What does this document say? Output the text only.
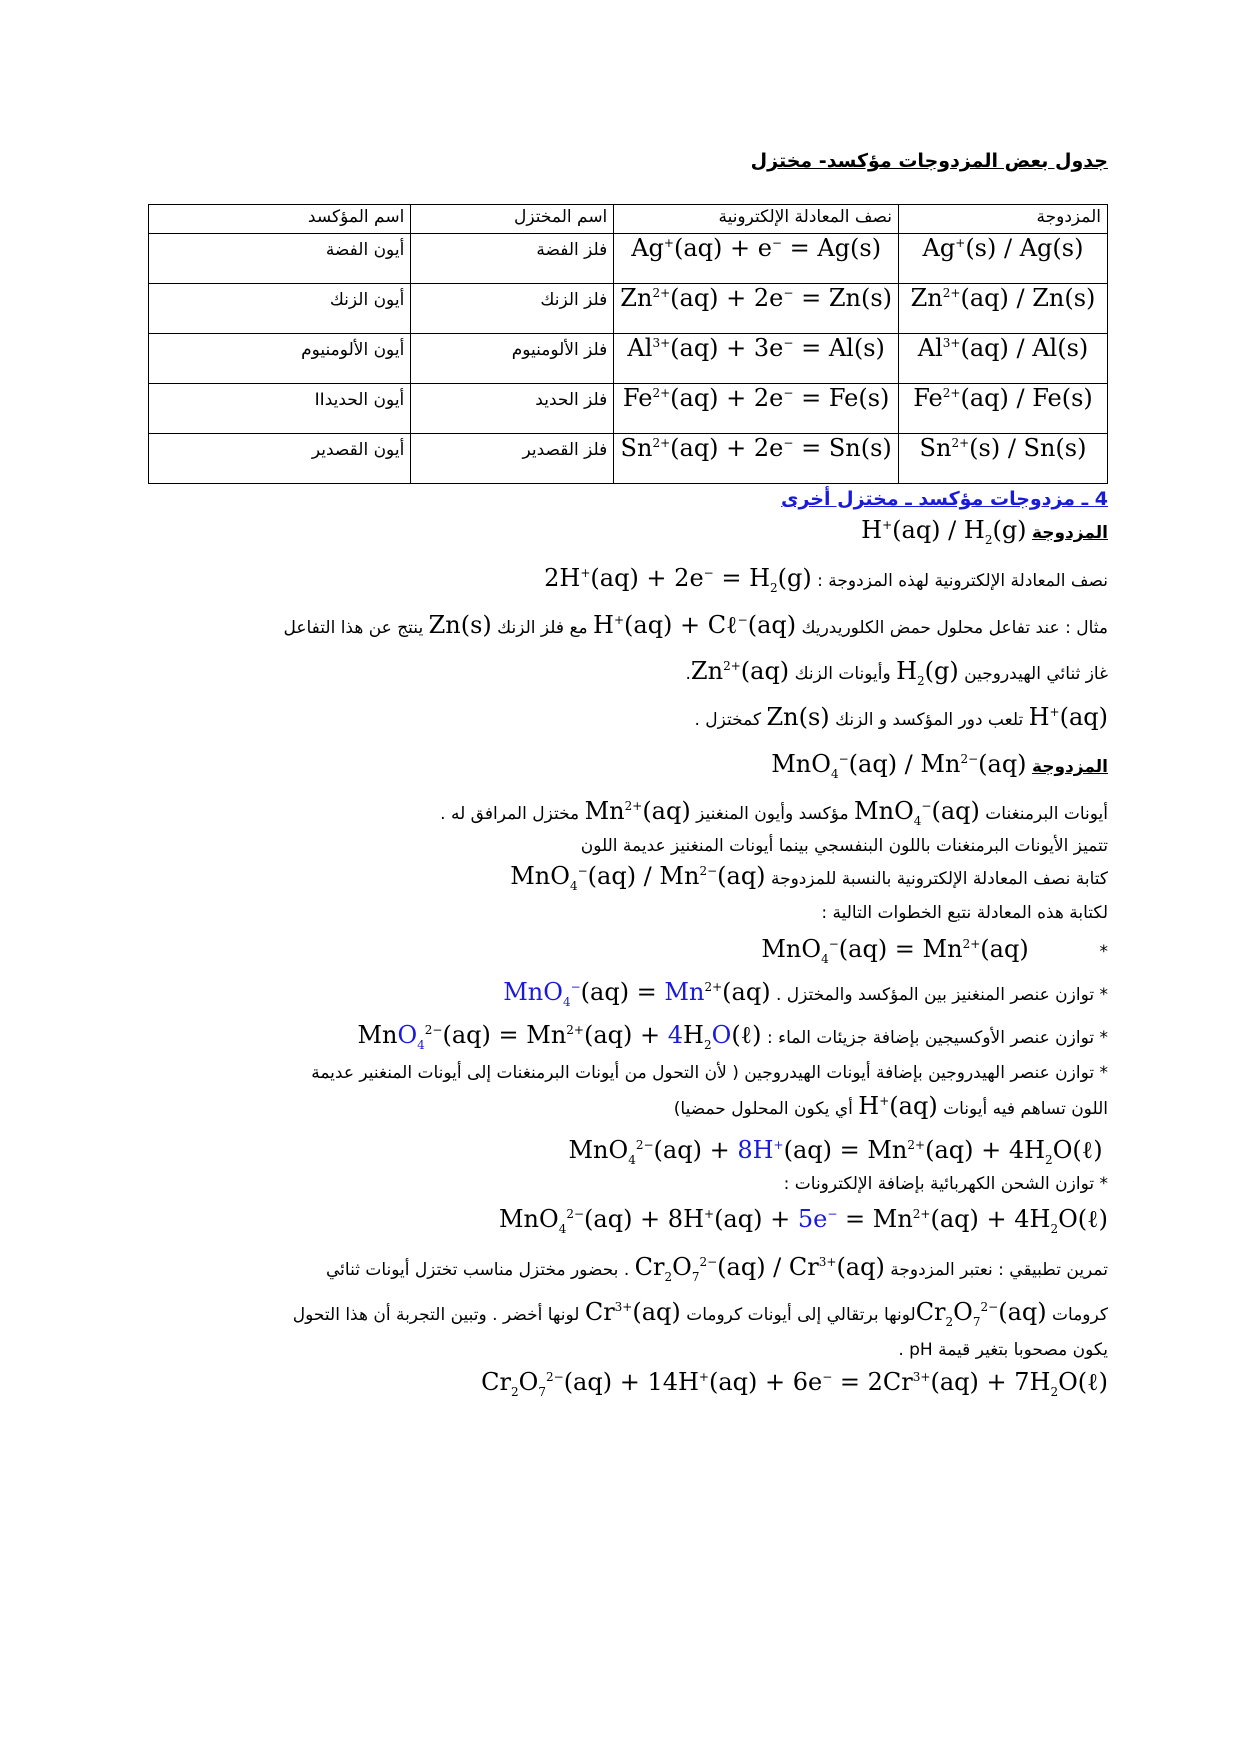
جدول بعض المزدوجات مؤكسد- مختزل
المزدوجة	نصف المعادلة الإلكترونية	اسم المختزل	اسم المؤكسد
Ag+(s) ∕ Ag(s)	Ag+(aq) + e− = Ag(s)	فلز الفضة	أيون الفضة
$Zn^{2+}(aq)$ ∕ Zn(s)	$Zn^{2+}(aq) + 2e^- = Zn(s)$	فلز الزنك	أيون الزنك
$Al^{3+}(aq)$ ∕ Al(s)	$Al^{3+}(aq) + 3e^- = Al(s)$	فلز الألومنيوم	أيون الألومنيوم
$Fe^{2+}(aq)$ ∕ Fe(s)	$Fe^{2+}(aq) + 2e^- = Fe(s)$	فلز الحديد	أيون الحديدII
$Sn^{2+}(s)$ ∕ Sn(s)	$Sn^{2+}(aq) + 2e^- = Sn(s)$	فلز القصدير	أيون القصدير
4 ـ مزدوجات مؤكسد ـ مختزل أخرى
المزدوجة H+(aq) ∕ $H_2(g)$
نصف المعادلة الإلكترونية لهذه المزدوجة : $2H^+(aq) + 2e^- = H_2(g)$
مثال : عند تفاعل محلول حمض الكلوريدريك H+(aq) + Cℓ−(aq) مع فلز الزنك Zn(s) ينتج عن هذا التفاعل
غاز ثنائي الهيدروجين $H_2(g)$ وأيونات الزنك $Zn^{2+}(aq)$.
H+(aq) تلعب دور المؤكسد و الزنك Zn(s) كمختزل .
المزدوجة MnO$_4$−(aq) ∕ $Mn^{2-}(aq)$
أيونات البرمنغنات MnO$_4$−(aq) مؤكسد وأيون المنغنيز $Mn^{2+}(aq)$ مختزل المرافق له .
تتميز الأيونات البرمنغنات باللون البنفسجي بينما أيونات المنغنيز عديمة اللون
كتابة نصف المعادلة الإلكترونية بالنسبة للمزدوجة MnO$_4$−(aq) ∕ $Mn^{2-}(aq)$
لكتابة هذه المعادلة نتبع الخطوات التالية :
*  $MnO_4^-(aq) = Mn^{2+}(aq)$
* توازن عنصر المنغنيز بين المؤكسد والمختزل . $MnO_4^-(aq) = Mn^{2+}(aq)$
* توازن عنصر الأوكسيجين بإضافة جزيئات الماء : $MnO_4^{2-}(aq) = Mn^{2+}(aq)$ + $4H_2O(\ell)$
* توازن عنصر الهيدروجين بإضافة أيونات الهيدروجين ( لأن التحول من أيونات البرمنغنات إلى أيونات المنغنير عديمة
اللون تساهم فيه أيونات H+(aq) أي يكون المحلول حمضيا)
$MnO_4^{2-}(aq) + 8H^+(aq) = Mn^{2+}(aq)$ + $4H_2O(\ell)$
* توازن الشحن الكهربائية بإضافة الإلكترونات :
$MnO_4^{2-}(aq) + 8H^+(aq) + 5e^- = Mn^{2+}(aq)$ + $4H_2O(\ell)$
تمرين تطبيقي : نعتبر المزدوجة $Cr_2O_7^{2-}(aq)$ ∕ $Cr^{3+}(aq)$ . بحضور مختزل مناسب تختزل أيونات ثنائي
كرومات $Cr_2O_7^{2-}(aq)لونها$ برتقالي إلى أيونات كرومات $Cr^{3+}(aq)$ لونها أخضر . وتبين التجربة أن هذا التحول
يكون مصحوبا بتغير قيمة pH .
$Cr_2O_7^{2-}(aq) + 14H^+(aq) + 6e^- = 2Cr^{3+}(aq)$ + $7H_2O(\ell)$
